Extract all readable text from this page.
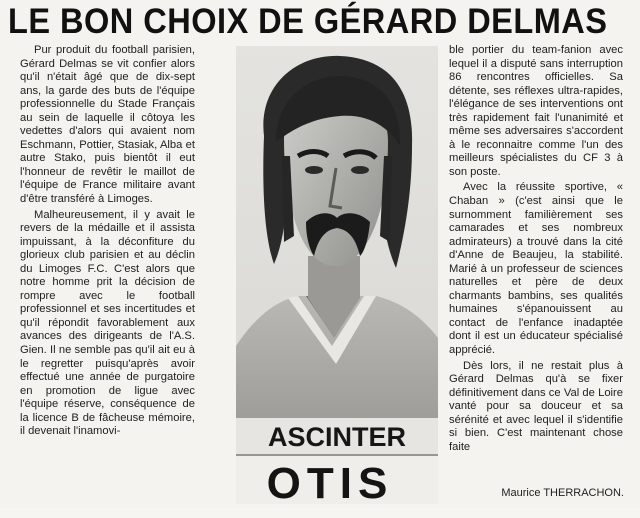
LE BON CHOIX DE GÉRARD DELMAS

Pur produit du football parisien, Gérard Delmas se vit confier alors qu'il n'était âgé que de dix-sept ans, la garde des buts de l'équipe professionnelle du Stade Français au sein de laquelle il côtoya les vedettes d'alors qui avaient nom Eschmann, Pottier, Stasiak, Alba et autre Stako, puis bientôt il eut l'honneur de revêtir le maillot de l'équipe de France militaire avant d'être transféré à Limoges.

Malheureusement, il y avait le revers de la médaille et il assista impuissant, à la déconfiture du glorieux club parisien et au déclin du Limoges F.C. C'est alors que notre homme prit la décision de rompre avec le football professionnel et ses incertitudes et qu'il répondit favorablement aux avances des dirigeants de l'A.S. Gien. Il ne semble pas qu'il ait eu à le regretter puisqu'après avoir effectué une année de purgatoire en promotion de ligue avec l'équipe réserve, conséquence de la licence B de fâcheuse mémoire, il devenait l'inamovi-	ASCINTER
OTIS

ble portier du team-fanion avec lequel il a disputé sans interruption 86 rencontres officielles. Sa détente, ses réflexes ultra-rapides, l'élégance de ses interventions ont très rapidement fait l'unanimité et même ses adversaires s'accordent à le reconnaitre comme l'un des meilleurs spécialistes du CF 3 à son poste.

Avec la réussite sportive, « Chaban » (c'est ainsi que le surnomment familièrement ses camarades et ses nombreux admirateurs) a trouvé dans la cité d'Anne de Beaujeu, la stabilité. Marié à un professeur de sciences naturelles et père de deux charmants bambins, ses qualités humaines s'épanouissent au contact de l'enfance inadaptée dont il est un éducateur spécialisé apprécié.

Dès lors, il ne restait plus à Gérard Delmas qu'à se fixer définitivement dans ce Val de Loire vanté pour sa douceur et sa sérénité et avec lequel il s'identifie si bien. C'est maintenant chose faite

Maurice THERRACHON.
